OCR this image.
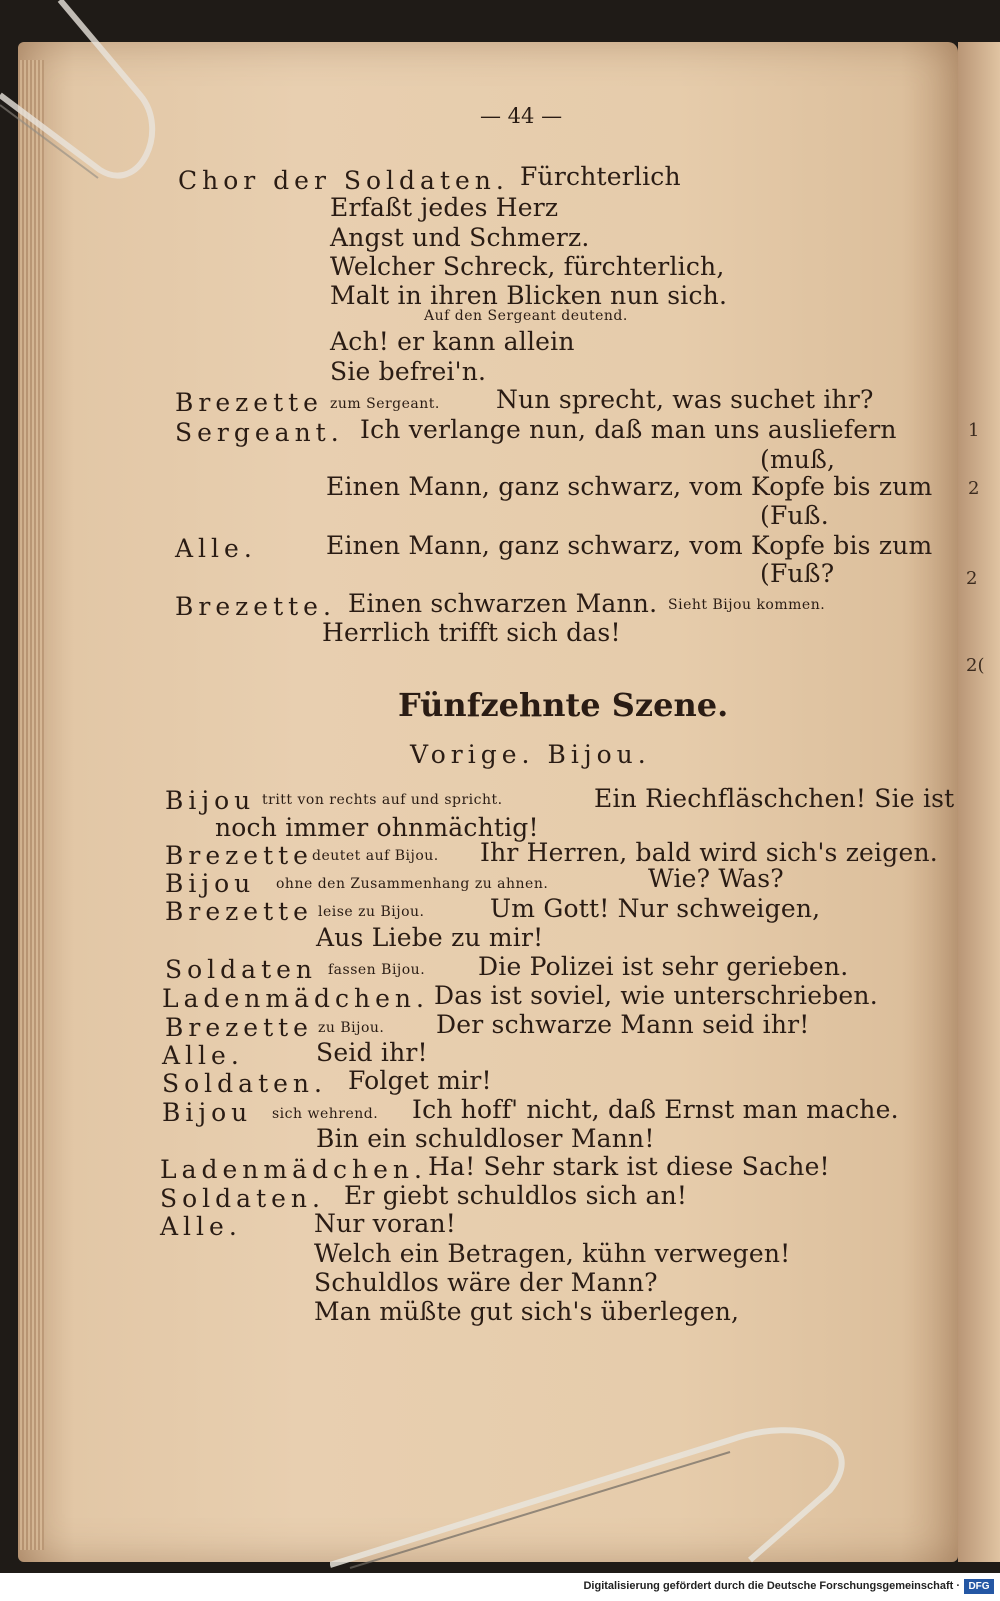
1
2
2
2(
— 44 —
Chor der Soldaten. Fürchterlich
Erfaßt jedes Herz
Angst und Schmerz.
Welcher Schreck, fürchterlich,
Malt in ihren Blicken nun sich.
Auf den Sergeant deutend.
Ach! er kann allein
Sie befrei'n.
Brezette zum Sergeant. Nun sprecht, was suchet ihr?
Sergeant. Ich verlange nun, daß man uns ausliefern
(muß,
Einen Mann, ganz schwarz, vom Kopfe bis zum
(Fuß.
Alle.	Einen Mann, ganz schwarz, vom Kopfe bis zum
(Fuß?
Brezette. Einen schwarzen Mann. Sieht Bijou kommen.
Herrlich trifft sich das!
Fünfzehnte Szene.
Vorige. Bijou.
Bijou tritt von rechts auf und spricht.	Ein Riechfläschchen! Sie ist
noch immer ohnmächtig!
Brezette deutet auf Bijou. Ihr Herren, bald wird sich's zeigen.
Bijou ohne den Zusammenhang zu ahnen.	Wie? Was?
Brezette leise zu Bijou.	Um Gott! Nur schweigen,
Aus Liebe zu mir!
Soldaten fassen Bijou. Die Polizei ist sehr gerieben.
Ladenmädchen. Das ist soviel, wie unterschrieben.
Brezette zu Bijou. Der schwarze Mann seid ihr!
Alle.	Seid ihr!
Soldaten. Folget mir!
Bijou sich wehrend. Ich hoff' nicht, daß Ernst man mache.
Bin ein schuldloser Mann!
Ladenmädchen. Ha! Sehr stark ist diese Sache!
Soldaten. Er giebt schuldlos sich an!
Alle.	Nur voran!
Welch ein Betragen, kühn verwegen!
Schuldlos wäre der Mann?
Man müßte gut sich's überlegen,
Digitalisierung gefördert durch die Deutsche Forschungsgemeinschaft · DFG
